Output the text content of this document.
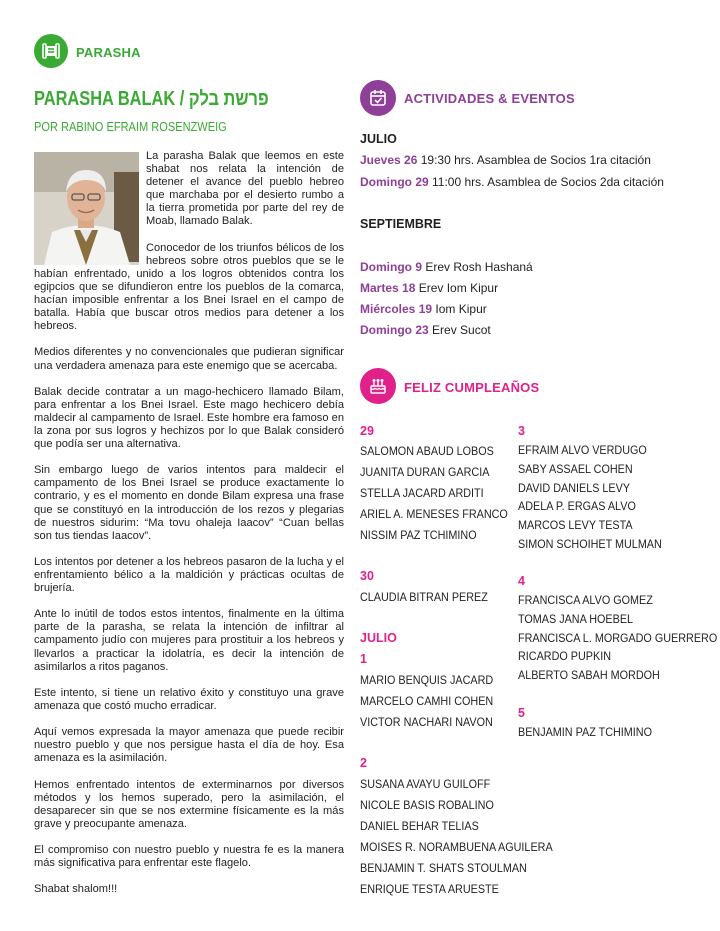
PARASHA
PARASHA BALAK / פרשת בלק
POR RABINO EFRAIM ROSENZWEIG

La parasha Balak que leemos en este shabat nos relata la intención de detener el avance del pueblo hebreo que marchaba por el desierto rumbo a la tierra prometida por parte del rey de Moab, llamado Balak.

Conocedor de los triunfos bélicos de los hebreos sobre otros pueblos que se le habían enfrentado, unido a los logros obtenidos contra los egipcios que se difundieron entre los pueblos de la comarca, hacían imposible enfrentar a los Bnei Israel en el campo de batalla. Había que buscar otros medios para detener a los hebreos.

Medios diferentes y no convencionales que pudieran significar una verdadera amenaza para este enemigo que se acercaba.

Balak decide contratar a un mago-hechicero llamado Bilam, para enfrentar a los Bnei Israel. Este mago hechicero debía maldecir al campamento de Israel. Este hombre era famoso en la zona por sus logros y hechizos por lo que Balak consideró que podía ser una alternativa.

Sin embargo luego de varios intentos para maldecir el campamento de los Bnei Israel se produce exactamente lo contrario, y es el momento en donde Bilam expresa una frase que se constituyó en la introducción de los rezos y plegarias de nuestros sidurim: “Ma tovu ohaleja Iaacov” “Cuan bellas son tus tiendas Iaacov”.

Los intentos por detener a los hebreos pasaron de la lucha y el enfrentamiento bélico a la maldición y prácticas ocultas de brujería.

Ante lo inútil de todos estos intentos, finalmente en la última parte de la parasha, se relata la intención de infiltrar al campamento judío con mujeres para prostituir a los hebreos y llevarlos a practicar la idolatría, es decir la intención de asimilarlos a ritos paganos.

Este intento, si tiene un relativo éxito y constituyo una grave amenaza que costó mucho erradicar.

Aquí vemos expresada la mayor amenaza que puede recibir nuestro pueblo y que nos persigue hasta el día de hoy. Esa amenaza es la asimilación.

Hemos enfrentado intentos de exterminarnos por diversos métodos y los hemos superado, pero la asimilación, el desaparecer sin que se nos extermine físicamente es la más grave y preocupante amenaza.

El compromiso con nuestro pueblo y nuestra fe es la manera más significativa para enfrentar este flagelo.

Shabat shalom!!!

ACTIVIDADES & EVENTOS
JULIO
Jueves 26 19:30 hrs. Asamblea de Socios 1ra citación
Domingo 29 11:00 hrs. Asamblea de Socios 2da citación
SEPTIEMBRE
Domingo 9 Erev Rosh Hashaná
Martes 18 Erev Iom Kipur
Miércoles 19 Iom Kipur
Domingo 23 Erev Sucot
FELIZ CUMPLEAÑOS
29
SALOMON ABAUD LOBOS
JUANITA DURAN GARCIA
STELLA JACARD ARDITI
ARIEL A. MENESES FRANCO
NISSIM PAZ TCHIMINO
30
CLAUDIA BITRAN PEREZ
JULIO
1
MARIO BENQUIS JACARD
MARCELO CAMHI COHEN
VICTOR NACHARI NAVON
2
SUSANA AVAYU GUILOFF
NICOLE BASIS ROBALINO
DANIEL BEHAR TELIAS
MOISES R. NORAMBUENA AGUILERA
BENJAMIN T. SHATS STOULMAN
ENRIQUE TESTA ARUESTE
3
EFRAIM ALVO VERDUGO
SABY ASSAEL COHEN
DAVID DANIELS LEVY
ADELA P. ERGAS ALVO
MARCOS LEVY TESTA
SIMON SCHOIHET MULMAN
4
FRANCISCA ALVO GOMEZ
TOMAS JANA HOEBEL
FRANCISCA L. MORGADO GUERRERO
RICARDO PUPKIN
ALBERTO SABAH MORDOH
5
BENJAMIN PAZ TCHIMINO
